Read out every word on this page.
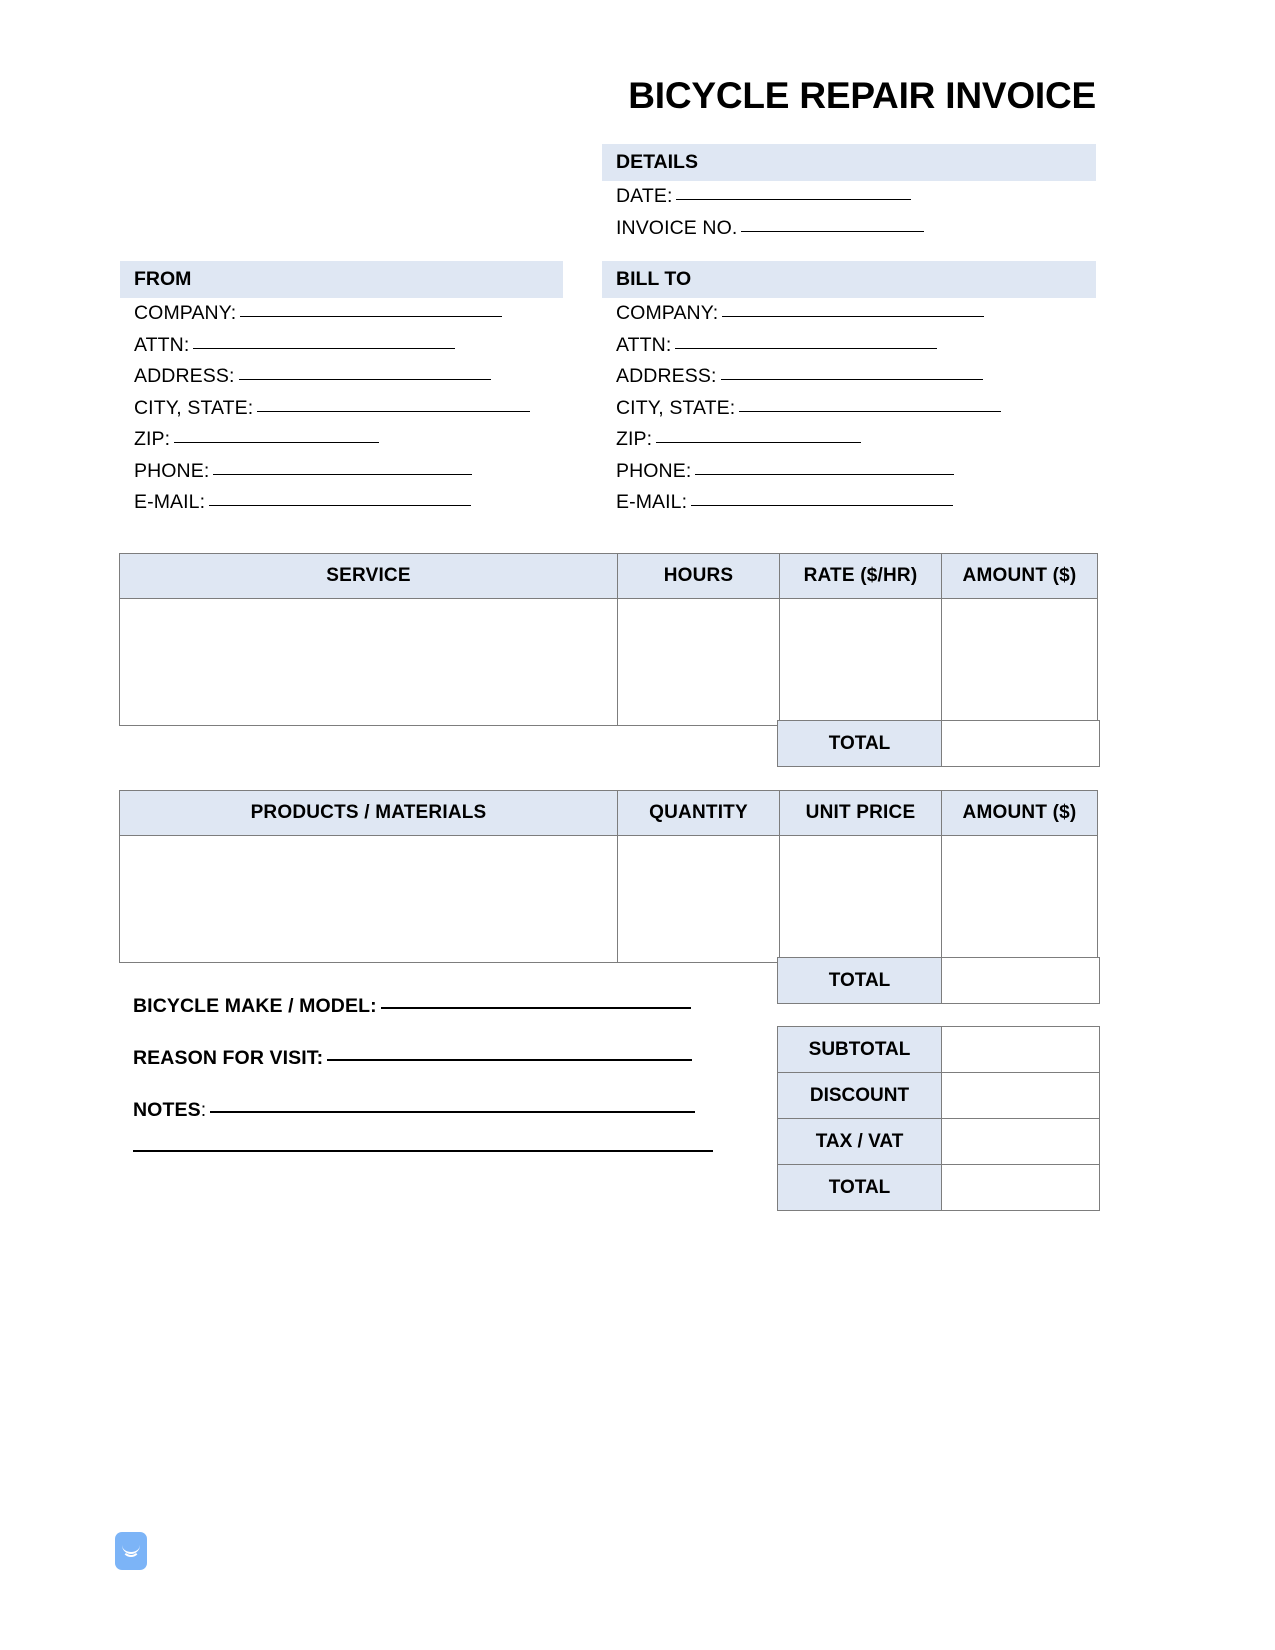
BICYCLE REPAIR INVOICE
DETAILS
DATE:
INVOICE NO.
FROM
COMPANY:
ATTN:
ADDRESS:
CITY, STATE:
ZIP:
PHONE:
E-MAIL:
BILL TO
COMPANY:
ATTN:
ADDRESS:
CITY, STATE:
ZIP:
PHONE:
E-MAIL:
SERVICE	HOURS	RATE ($/HR)	AMOUNT ($)

TOTAL	
PRODUCTS / MATERIALS	QUANTITY	UNIT PRICE	AMOUNT ($)

TOTAL	
BICYCLE MAKE / MODEL:
REASON FOR VISIT:
NOTES:
SUBTOTAL	
DISCOUNT	
TAX / VAT	
TOTAL	
